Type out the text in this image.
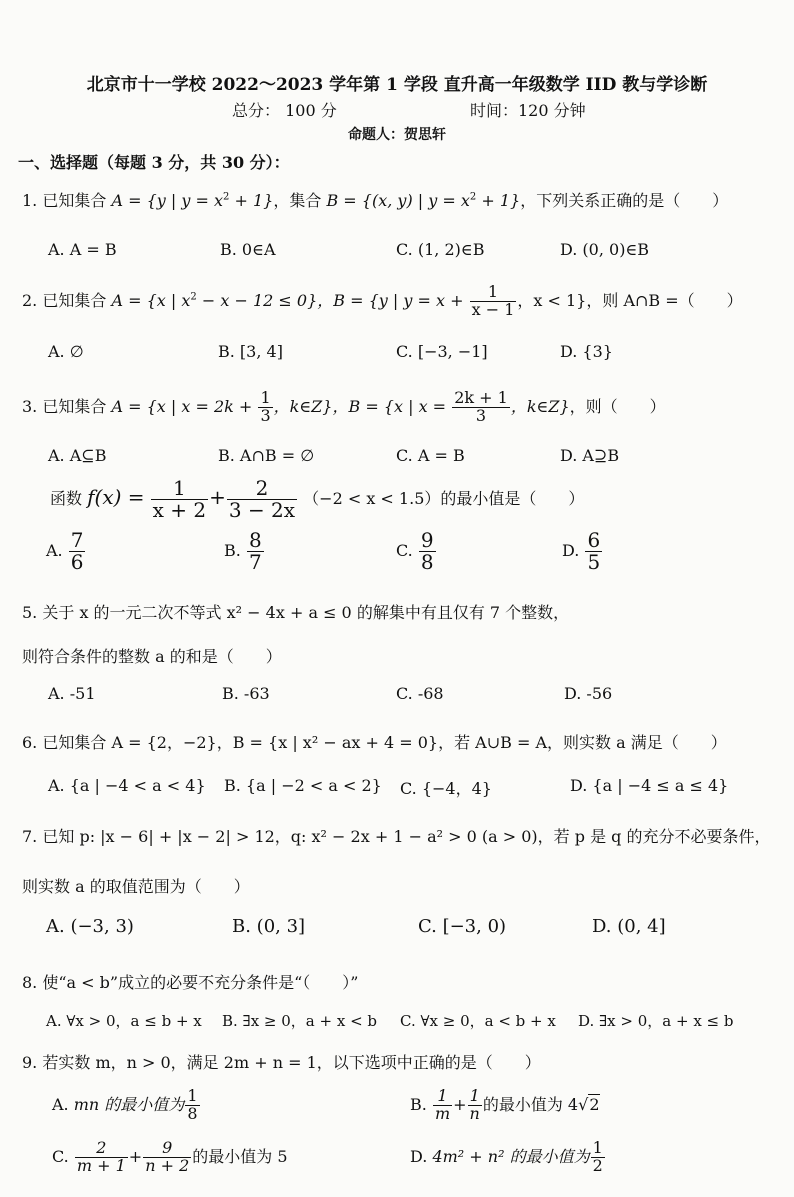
北京市十一学校 2022～2023 学年第 1 学段 直升高一年级数学 IID 教与学诊断
总分： 100 分	时间：120 分钟
命题人：贺思轩
一、选择题（每题 3 分，共 30 分）：
1. 已知集合 A = {y | $y = x^2 + 1$}，集合 B = {(x, y) | $y = x^2 + 1$}，下列关系正确的是（　　）
A. A = B	B. 0∈A	C. (1, 2)∈B	D. (0, 0)∈B
2. 已知集合 A = {x | $x^2 - x - 12 \le 0$}，B = {y | $y = x + \frac{1}{x - 1}$ ，x < 1}，则 A∩B =（　　）
A. ∅	B. [3, 4]	C. [−3, −1]	D. {3}
3. 已知集合 A = {x | $x = 2k + \frac{1}{3}$ ，k∈Z}，B = {x | $x = \frac{2k + 1}{3}$ ，k∈Z}，则（　　）
A. A⊆B	B. A∩B = ∅	C. A = B	D. A⊇B
函数 $f(x) = \frac{1}{x + 2} + \frac{2}{3 - 2x} (-2 < x < 1.5)$的最小值是（　　）
A. $\frac{7}{6}$	B. $\frac{8}{7}$	C. $\frac{9}{8}$	D. $\frac{6}{5}$
5. 关于 x 的一元二次不等式 x² − 4x + a ≤ 0 的解集中有且仅有 7 个整数，
则符合条件的整数 a 的和是（　　）
A. -51	B. -63	C. -68	D. -56
6. 已知集合 A = {2，−2}，B = {x | x² − ax + 4 = 0}，若 A∪B = A，则实数 a 满足（　　）
A. {a | −4 < a < 4} B. {a | −2 < a < 2} C. {−4，4}	D. {a | −4 ≤ a ≤ 4}
7. 已知 p: |x − 6| + |x − 2| > 12，q: x² − 2x + 1 − a² > 0 (a > 0)，若 p 是 q 的充分不必要条件，
则实数 a 的取值范围为（　　）
A. (−3, 3)	B. (0, 3]	C. [−3, 0)	D. (0, 4]
8. 使“a < b”成立的必要不充分条件是“（　　）”
A. ∀x > 0，a ≤ b + x B. ∃x ≥ 0，a + x < b C. ∀x ≥ 0，a < b + x D. ∃x > 0，a + x ≤ b
9. 若实数 m，n > 0，满足 2m + n = 1，以下选项中正确的是（　　）
A. mn 的最小值为 $\frac{1}{8}$	B. $\frac{1}{m} + \frac{1}{n}$ 的最小值为 4√2
C. $\frac{2}{m + 1} + \frac{9}{n + 2}$ 的最小值为 5	D. 4m² + n² 的最小值为 $\frac{1}{2}$
